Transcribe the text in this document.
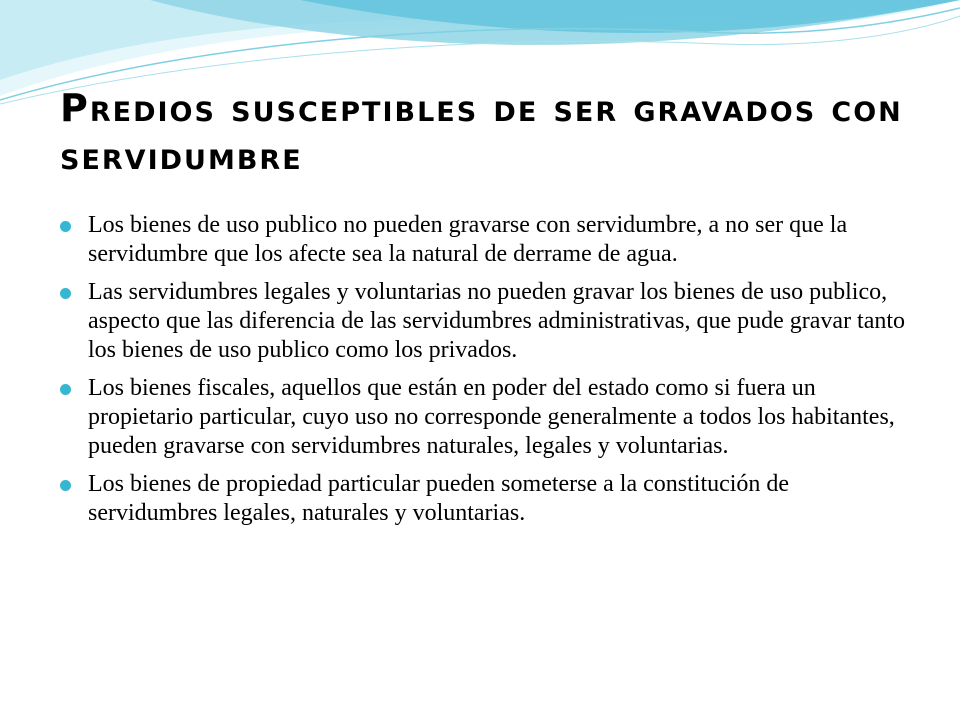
Predios susceptibles de ser gravados con servidumbre
Los bienes de uso publico no pueden gravarse con servidumbre, a no ser que la servidumbre que los afecte sea la natural de derrame de agua.
Las servidumbres legales y voluntarias no pueden gravar los bienes de uso publico, aspecto que las diferencia de las servidumbres administrativas, que pude gravar tanto los bienes de uso publico como los privados.
Los bienes fiscales, aquellos que están en poder del estado como si fuera un propietario particular, cuyo uso no corresponde generalmente a todos los habitantes, pueden gravarse con servidumbres naturales, legales y voluntarias.
Los bienes de propiedad particular pueden someterse a la constitución de servidumbres legales, naturales y voluntarias.
